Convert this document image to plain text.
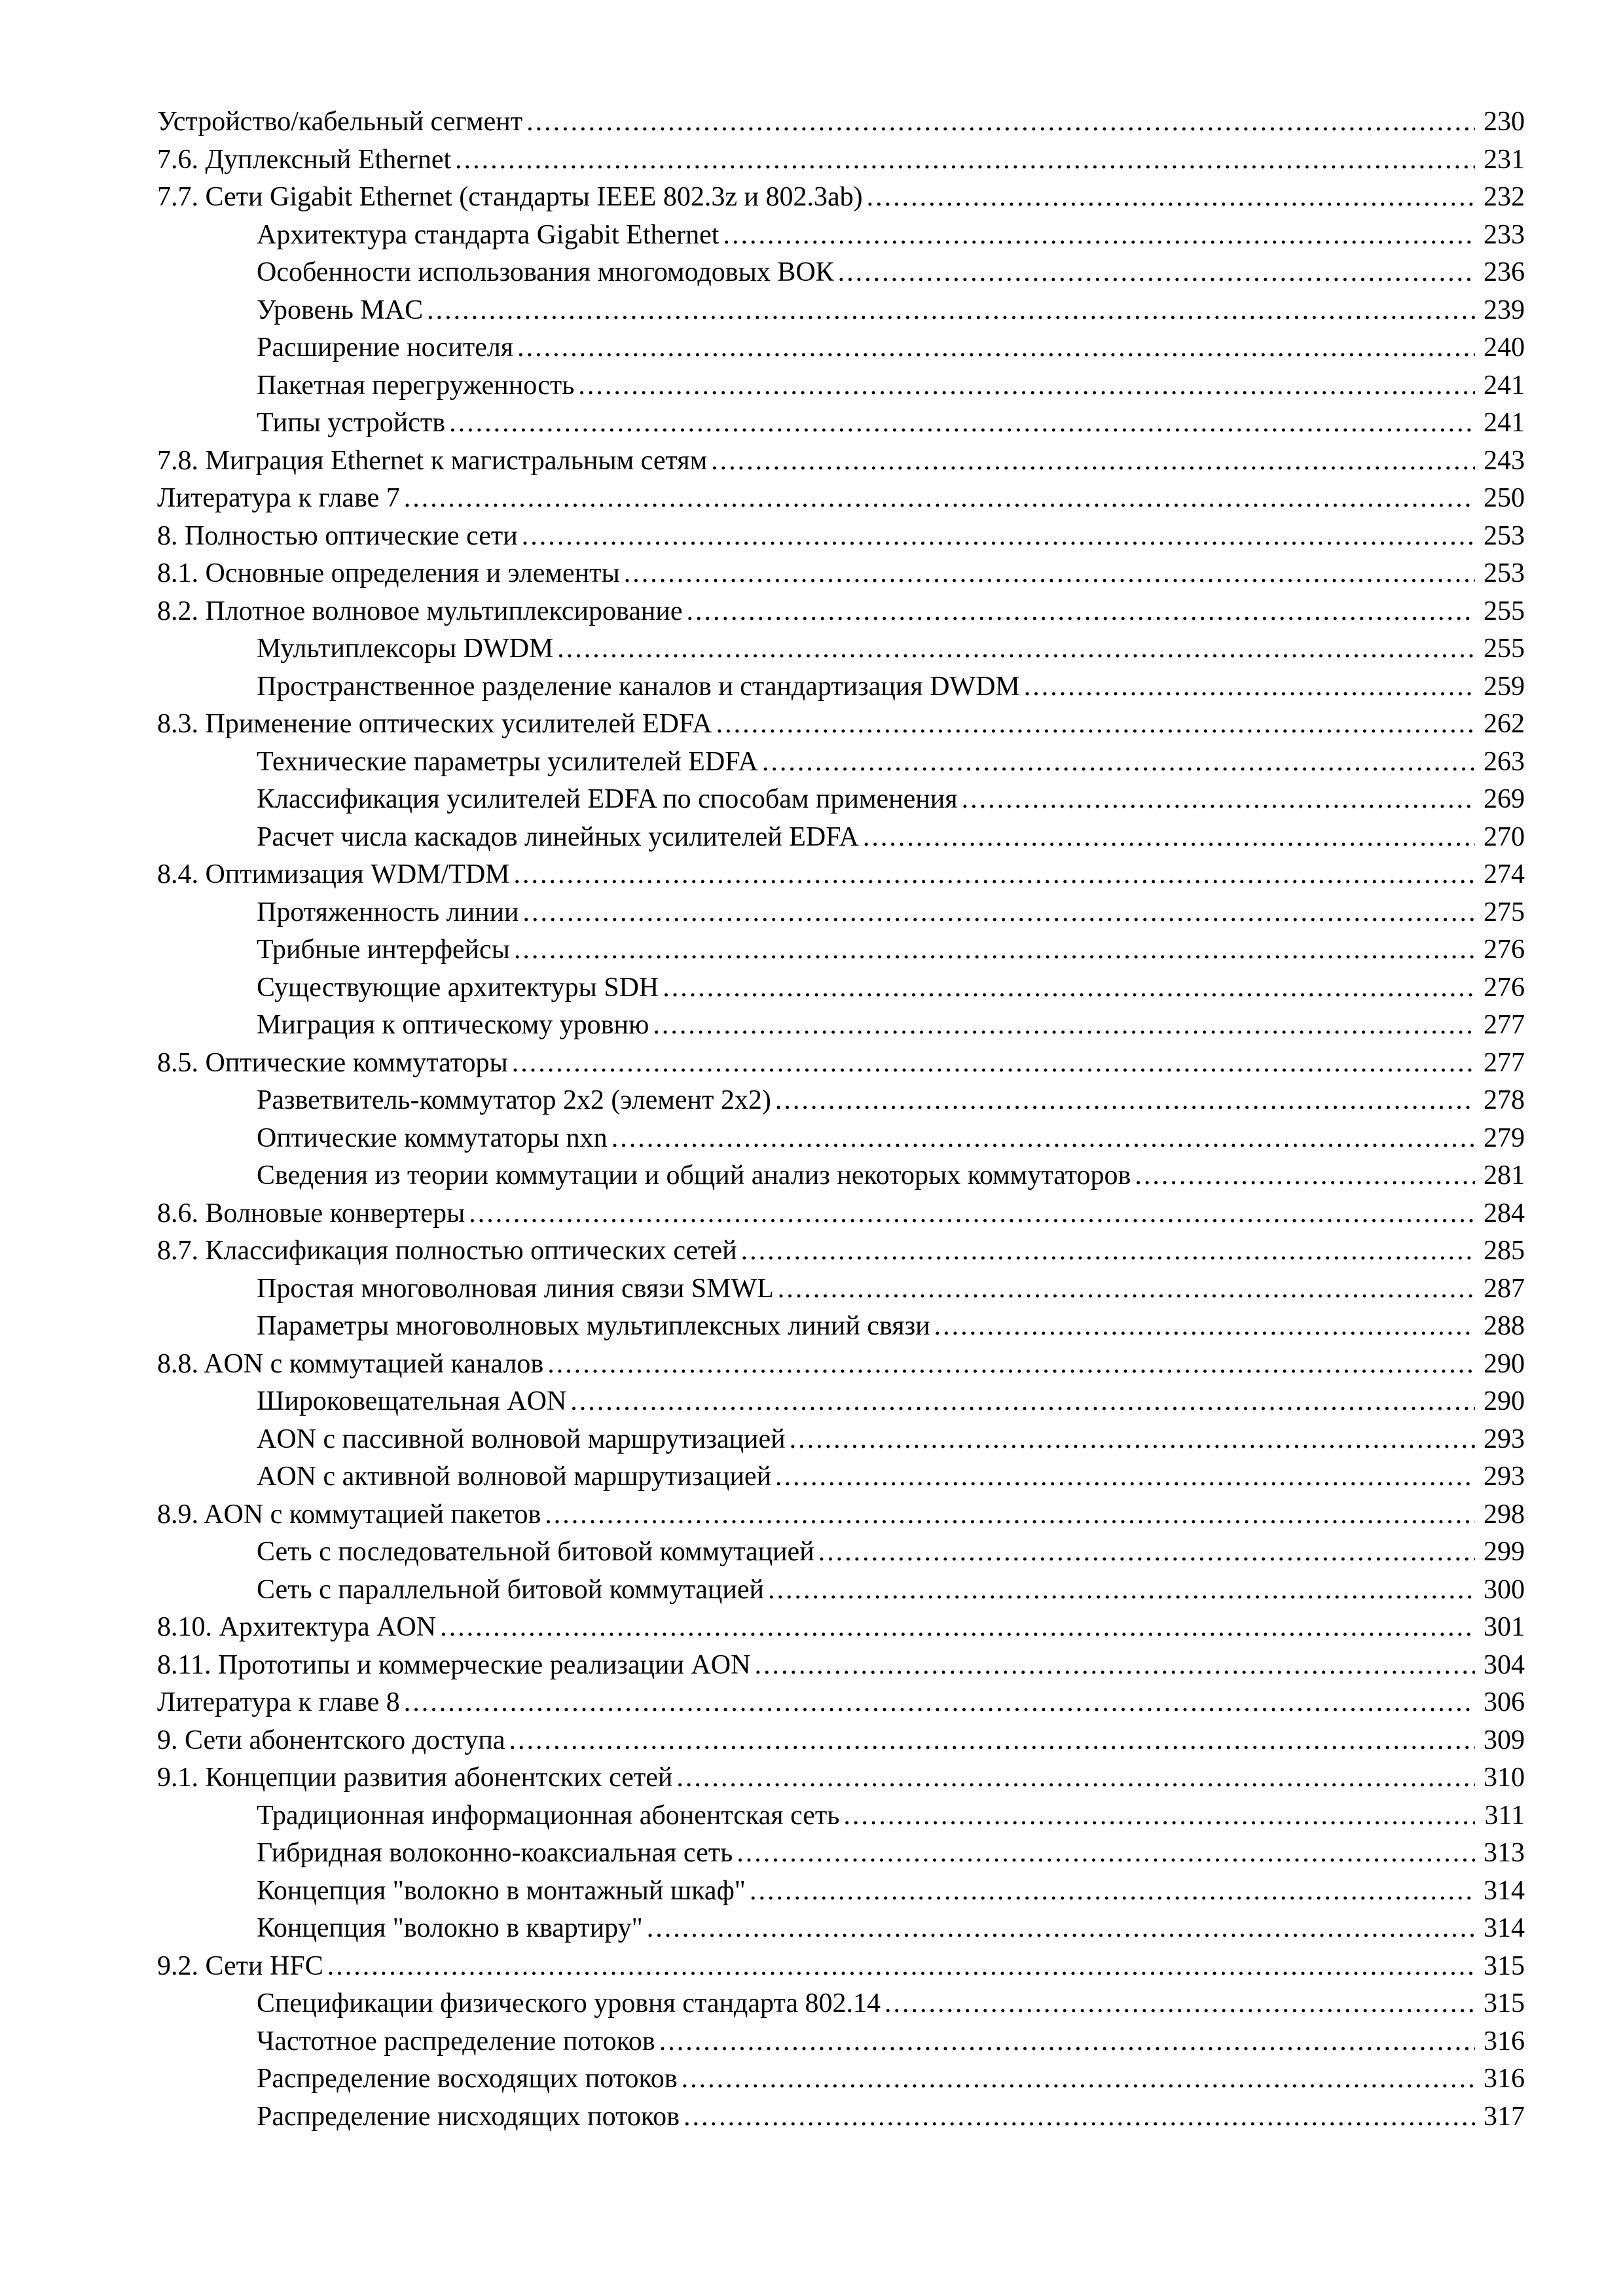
Устройство/кабельный сегмент .....	230
7.6. Дуплексный Ethernet .....	231
7.7. Сети Gigabit Ethernet (стандарты IEEE 802.3z и 802.3ab) .....	232
Архитектура стандарта Gigabit Ethernet .....	233
Особенности использования многомодовых ВОК .....	236
Уровень MAC .....	239
Расширение носителя .....	240
Пакетная перегруженность .....	241
Типы устройств .....	241
7.8. Миграция Ethernet к магистральным сетям .....	243
Литература к главе 7 .....	250
8. Полностью оптические сети .....	253
8.1. Основные определения и элементы .....	253
8.2. Плотное волновое мультиплексирование .....	255
Мультиплексоры DWDM .....	255
Пространственное разделение каналов и стандартизация DWDM .....	259
8.3. Применение оптических усилителей EDFA .....	262
Технические параметры усилителей EDFA .....	263
Классификация усилителей EDFA по способам применения .....	269
Расчет числа каскадов линейных усилителей EDFA .....	270
8.4. Оптимизация WDM/TDM .....	274
Протяженность линии .....	275
Трибные интерфейсы .....	276
Существующие архитектуры SDH .....	276
Миграция к оптическому уровню .....	277
8.5. Оптические коммутаторы .....	277
Разветвитель-коммутатор 2x2 (элемент 2x2) .....	278
Оптические коммутаторы nxn .....	279
Сведения из теории коммутации и общий анализ некоторых коммутаторов .....	281
8.6. Волновые конвертеры .....	284
8.7. Классификация полностью оптических сетей .....	285
Простая многоволновая линия связи SMWL .....	287
Параметры многоволновых мультиплексных линий связи .....	288
8.8. AON с коммутацией каналов .....	290
Широковещательная AON .....	290
AON с пассивной волновой маршрутизацией .....	293
AON с активной волновой маршрутизацией .....	293
8.9. AON с коммутацией пакетов .....	298
Сеть с последовательной битовой коммутацией .....	299
Сеть с параллельной битовой коммутацией .....	300
8.10. Архитектура AON .....	301
8.11. Прототипы и коммерческие реализации AON .....	304
Литература к главе 8 .....	306
9. Сети абонентского доступа .....	309
9.1. Концепции развития абонентских сетей .....	310
Традиционная информационная абонентская сеть .....	311
Гибридная волоконно-коаксиальная сеть .....	313
Концепция "волокно в монтажный шкаф" .....	314
Концепция "волокно в квартиру" .....	314
9.2. Сети HFC .....	315
Спецификации физического уровня стандарта 802.14 .....	315
Частотное распределение потоков .....	316
Распределение восходящих потоков .....	316
Распределение нисходящих потоков .....	317
